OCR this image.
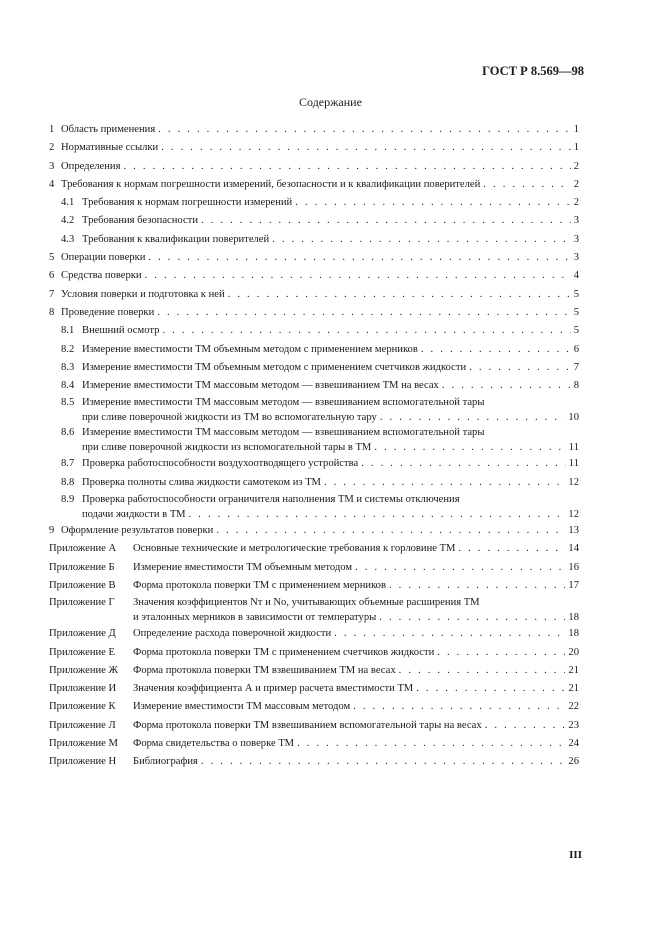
ГОСТ Р 8.569—98
Содержание
1 Область применения . . .	1
2 Нормативные ссылки . . .	1
3 Определения . . .	2
4 Требования к нормам погрешности измерений, безопасности и к квалификации поверителей . . .	2
4.1 Требования к нормам погрешности измерений . . .	2
4.2 Требования безопасности . . .	3
4.3 Требования к квалификации поверителей . . .	3
5 Операции поверки . . .	3
6 Средства поверки . . .	4
7 Условия поверки и подготовка к ней . . .	5
8 Проведение поверки . . .	5
8.1 Внешний осмотр . . .	5
8.2 Измерение вместимости ТМ объемным методом с применением мерников . . .	6
8.3 Измерение вместимости ТМ объемным методом с применением счетчиков жидкости . . .	7
8.4 Измерение вместимости ТМ массовым методом — взвешиванием ТМ на весах . . .	8
8.5 Измерение вместимости ТМ массовым методом — взвешиванием вспомогательной тары
при сливе поверочной жидкости из ТМ во вспомогательную тару . . .	10
8.6 Измерение вместимости ТМ массовым методом — взвешиванием вспомогательной тары
при сливе поверочной жидкости из вспомогательной тары в ТМ . . .	11
8.7 Проверка работоспособности воздухоотводящего устройства . . .	11
8.8 Проверка полноты слива жидкости самотеком из ТМ . . .	12
8.9 Проверка работоспособности ограничителя наполнения ТМ и системы отключения
подачи жидкости в ТМ . . .	12
9 Оформление результатов поверки . . .	13
Приложение А	Основные технические и метрологические требования к горловине ТМ . . .	14
Приложение Б	Измерение вместимости ТМ объемным методом . . .	16
Приложение В	Форма протокола поверки ТМ с применением мерников . . .	17
Приложение Г	Значения коэффициентов Nт и Nо, учитывающих объемные расширения ТМ
и эталонных мерников в зависимости от температуры . . .	18
Приложение Д	Определение расхода поверочной жидкости . . .	18
Приложение Е	Форма протокола поверки ТМ с применением счетчиков жидкости . . .	20
Приложение Ж	Форма протокола поверки ТМ взвешиванием ТМ на весах . . .	21
Приложение И	Значения коэффициента А и пример расчета вместимости ТМ . . .	21
Приложение К	Измерение вместимости ТМ массовым методом . . .	22
Приложение Л	Форма протокола поверки ТМ взвешиванием вспомогательной тары на весах . . .	23
Приложение М	Форма свидетельства о поверке ТМ . . .	24
Приложение Н	Библиография . . .	26
III
